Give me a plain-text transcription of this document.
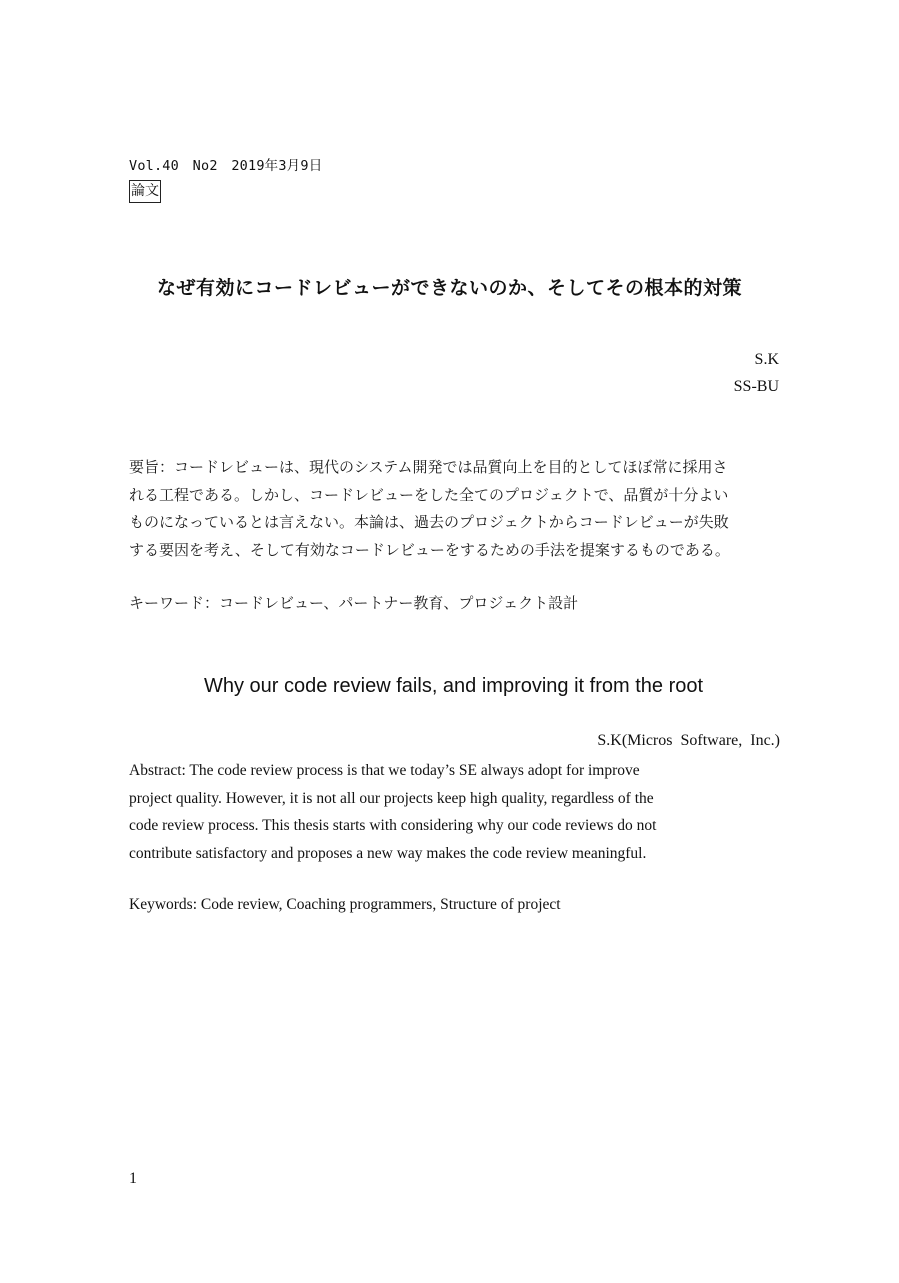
Vol.40　No2　2019年3月9日
論文
なぜ有効にコードレビューができないのか、そしてその根本的対策
S.K
SS-BU
要旨：コードレビューは、現代のシステム開発では品質向上を目的としてほぼ常に採用さ
れる工程である。しかし、コードレビューをした全てのプロジェクトで、品質が十分よい
ものになっているとは言えない。本論は、過去のプロジェクトからコードレビューが失敗
する要因を考え、そして有効なコードレビューをするための手法を提案するものである。
キーワード：コードレビュー、パートナー教育、プロジェクト設計
Why our code review fails, and improving it from the root
S.K(Micros Software, Inc.)
Abstract: The code review process is that we today’s SE always adopt for improve
project quality. However, it is not all our projects keep high quality, regardless of the
code review process. This thesis starts with considering why our code reviews do not
contribute satisfactory and proposes a new way makes the code review meaningful.
Keywords: Code review, Coaching programmers, Structure of project
1
